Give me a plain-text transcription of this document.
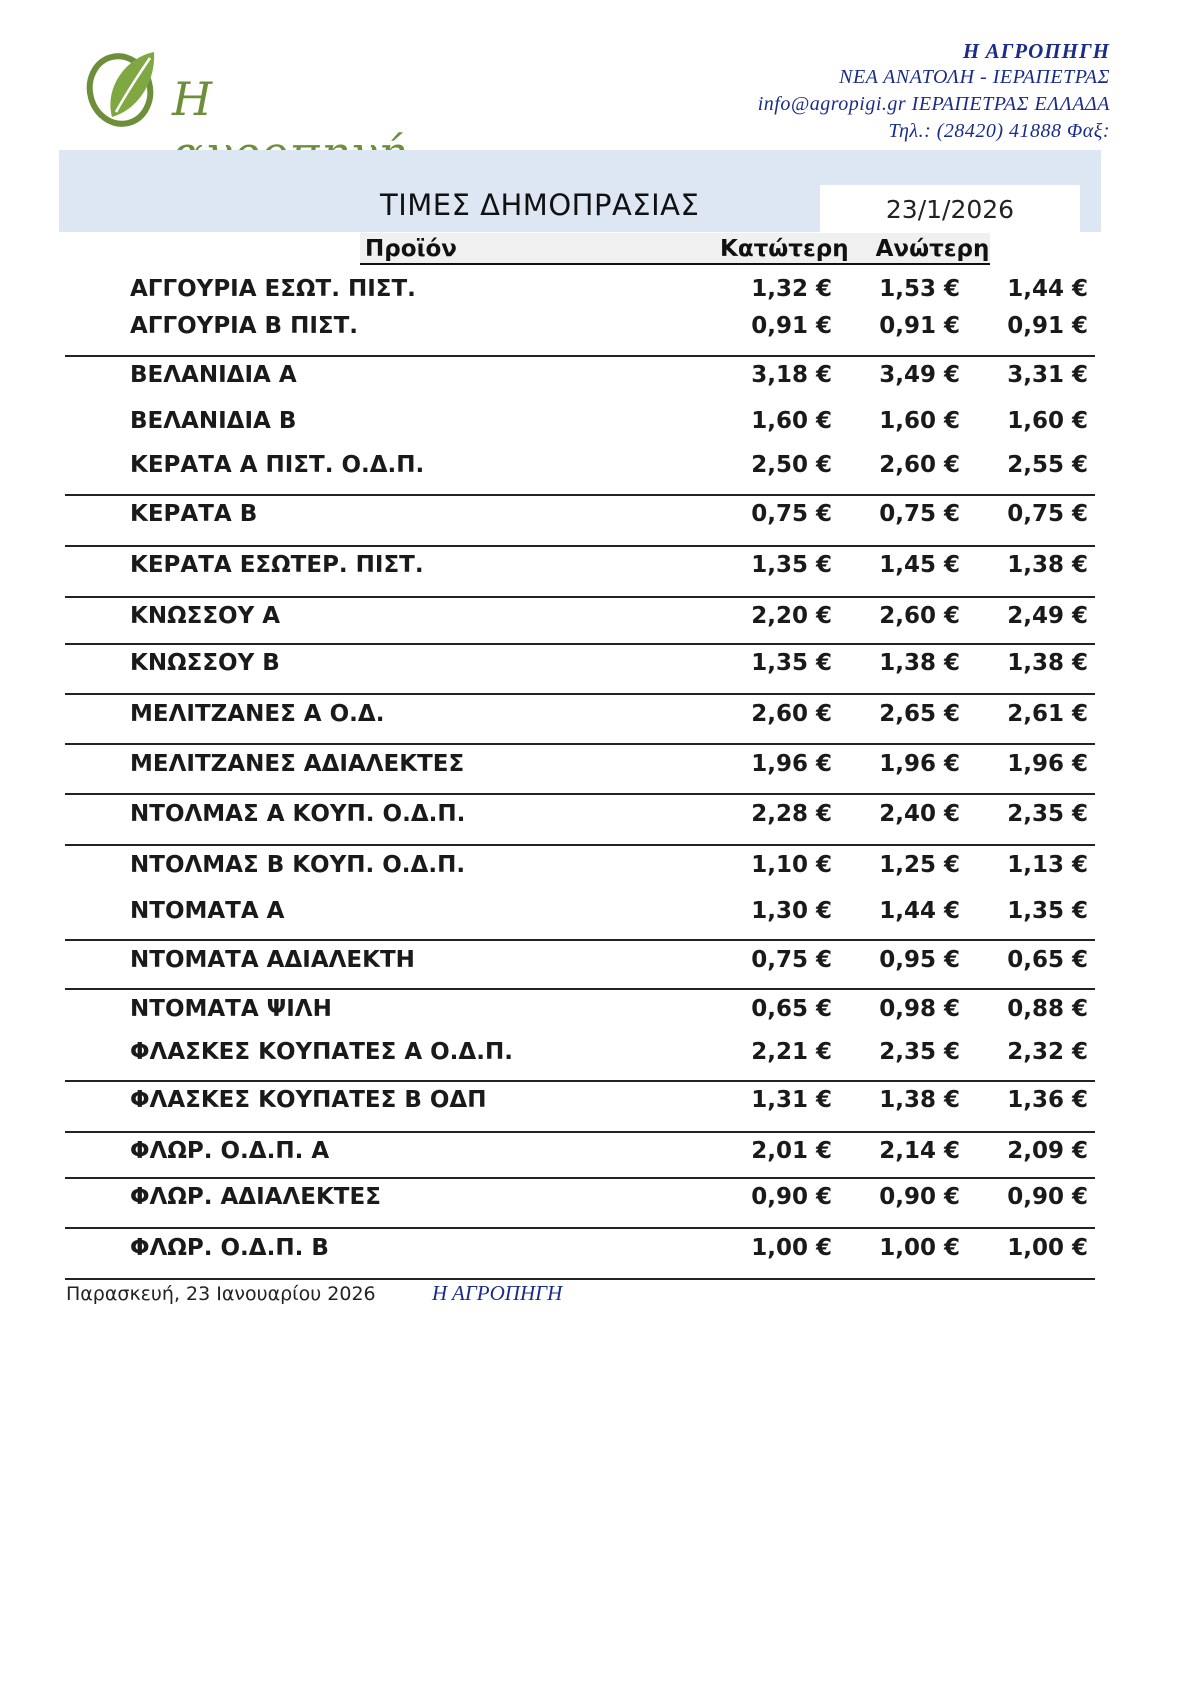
Η
Η ΑΓΡΟΠΗΓΗ
ΝΕΑ ΑΝΑΤΟΛΗ - ΙΕΡΑΠΕΤΡΑΣ
info@agropigi.gr ΙΕΡΑΠΕΤΡΑΣ ΕΛΛΑΔΑ
Τηλ.: (28420) 41888 Φαξ:
ΤΙΜΕΣ ΔΗΜΟΠΡΑΣΙΑΣ	23/1/2026
Προϊόν	Κατώτερη Ανώτερη
ΑΓΓΟΥΡΙΑ ΕΣΩΤ. ΠΙΣΤ.	1,32 €	1,53 €	1,44 €
ΑΓΓΟΥΡΙΑ Β ΠΙΣΤ.	0,91 €	0,91 €	0,91 €
ΒΕΛΑΝΙΔΙΑ Α	3,18 €	3,49 €	3,31 €
ΒΕΛΑΝΙΔΙΑ Β	1,60 €	1,60 €	1,60 €
ΚΕΡΑΤΑ Α ΠΙΣΤ. Ο.Δ.Π.	2,50 €	2,60 €	2,55 €
ΚΕΡΑΤΑ Β	0,75 €	0,75 €	0,75 €
ΚΕΡΑΤΑ ΕΣΩΤΕΡ. ΠΙΣΤ.	1,35 €	1,45 €	1,38 €
ΚΝΩΣΣΟΥ Α	2,20 €	2,60 €	2,49 €
ΚΝΩΣΣΟΥ Β	1,35 €	1,38 €	1,38 €
ΜΕΛΙΤΖΑΝΕΣ Α Ο.Δ.	2,60 €	2,65 €	2,61 €
ΜΕΛΙΤΖΑΝΕΣ ΑΔΙΑΛΕΚΤΕΣ	1,96 €	1,96 €	1,96 €
ΝΤΟΛΜΑΣ Α ΚΟΥΠ. Ο.Δ.Π.	2,28 €	2,40 €	2,35 €
ΝΤΟΛΜΑΣ Β ΚΟΥΠ. Ο.Δ.Π.	1,10 €	1,25 €	1,13 €
ΝΤΟΜΑΤΑ Α	1,30 €	1,44 €	1,35 €
ΝΤΟΜΑΤΑ ΑΔΙΑΛΕΚΤΗ	0,75 €	0,95 €	0,65 €
ΝΤΟΜΑΤΑ ΨΙΛΗ	0,65 €	0,98 €	0,88 €
ΦΛΑΣΚΕΣ ΚΟΥΠΑΤΕΣ Α Ο.Δ.Π.	2,21 €	2,35 €	2,32 €
ΦΛΑΣΚΕΣ ΚΟΥΠΑΤΕΣ Β ΟΔΠ	1,31 €	1,38 €	1,36 €
ΦΛΩΡ. Ο.Δ.Π. Α	2,01 €	2,14 €	2,09 €
ΦΛΩΡ. ΑΔΙΑΛΕΚΤΕΣ	0,90 €	0,90 €	0,90 €
ΦΛΩΡ. Ο.Δ.Π. Β	1,00 €	1,00 €	1,00 €
Παρασκευή, 23 Ιανουαρίου 2026	Η ΑΓΡΟΠΗΓΗ
